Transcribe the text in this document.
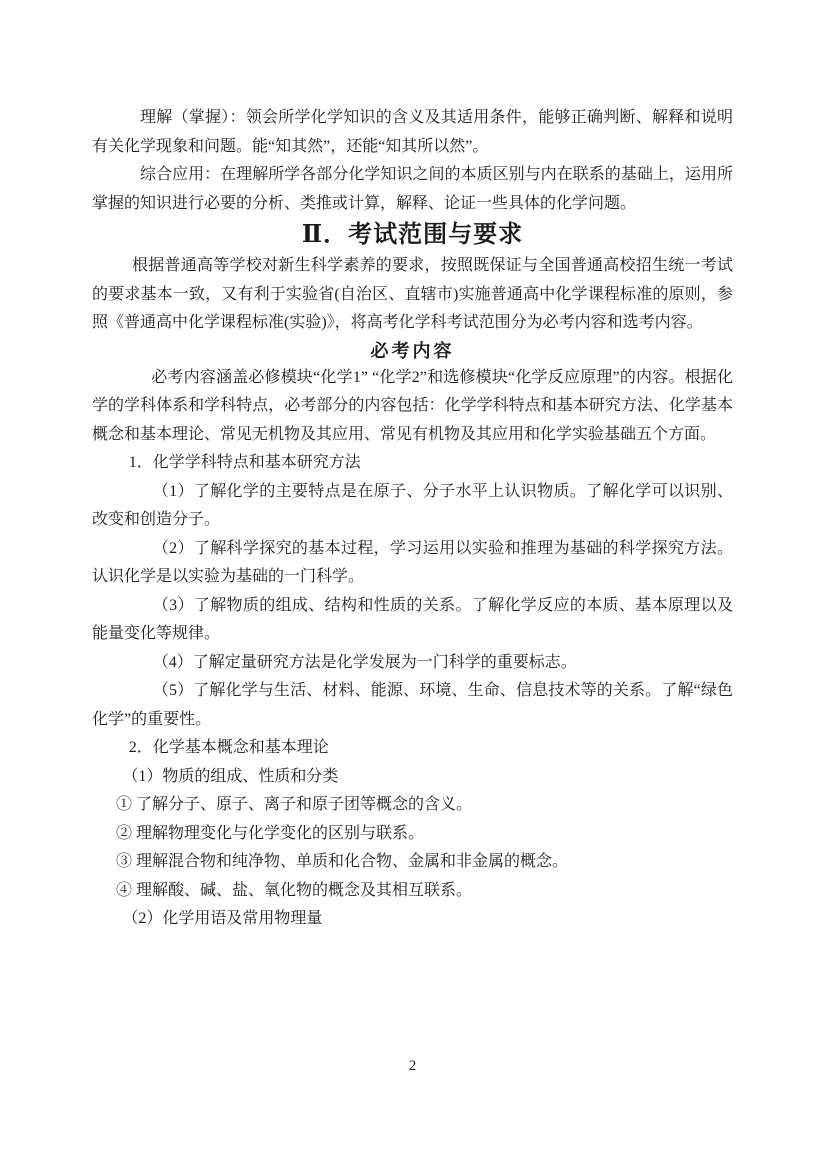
理解（掌握）：领会所学化学知识的含义及其适用条件，能够正确判断、解释和说明有关化学现象和问题。能“知其然”，还能“知其所以然”。

综合应用：在理解所学各部分化学知识之间的本质区别与内在联系的基础上，运用所掌握的知识进行必要的分析、类推或计算，解释、论证一些具体的化学问题。

Ⅱ．考试范围与要求

根据普通高等学校对新生科学素养的要求，按照既保证与全国普通高校招生统一考试的要求基本一致，又有利于实验省(自治区、直辖市)实施普通高中化学课程标准的原则，参照《普通高中化学课程标准(实验)》，将高考化学科考试范围分为必考内容和选考内容。

必考内容

必考内容涵盖必修模块“化学1” “化学2”和选修模块“化学反应原理”的内容。根据化学的学科体系和学科特点，必考部分的内容包括：化学学科特点和基本研究方法、化学基本概念和基本理论、常见无机物及其应用、常见有机物及其应用和化学实验基础五个方面。

1．化学学科特点和基本研究方法

（1）了解化学的主要特点是在原子、分子水平上认识物质。了解化学可以识别、改变和创造分子。

（2）了解科学探究的基本过程，学习运用以实验和推理为基础的科学探究方法。认识化学是以实验为基础的一门科学。

（3）了解物质的组成、结构和性质的关系。了解化学反应的本质、基本原理以及能量变化等规律。

（4）了解定量研究方法是化学发展为一门科学的重要标志。

（5）了解化学与生活、材料、能源、环境、生命、信息技术等的关系。了解“绿色化学”的重要性。

2．化学基本概念和基本理论

（1）物质的组成、性质和分类

① 了解分子、原子、离子和原子团等概念的含义。

② 理解物理变化与化学变化的区别与联系。

③ 理解混合物和纯净物、单质和化合物、金属和非金属的概念。

④ 理解酸、碱、盐、氧化物的概念及其相互联系。

（2）化学用语及常用物理量

2
